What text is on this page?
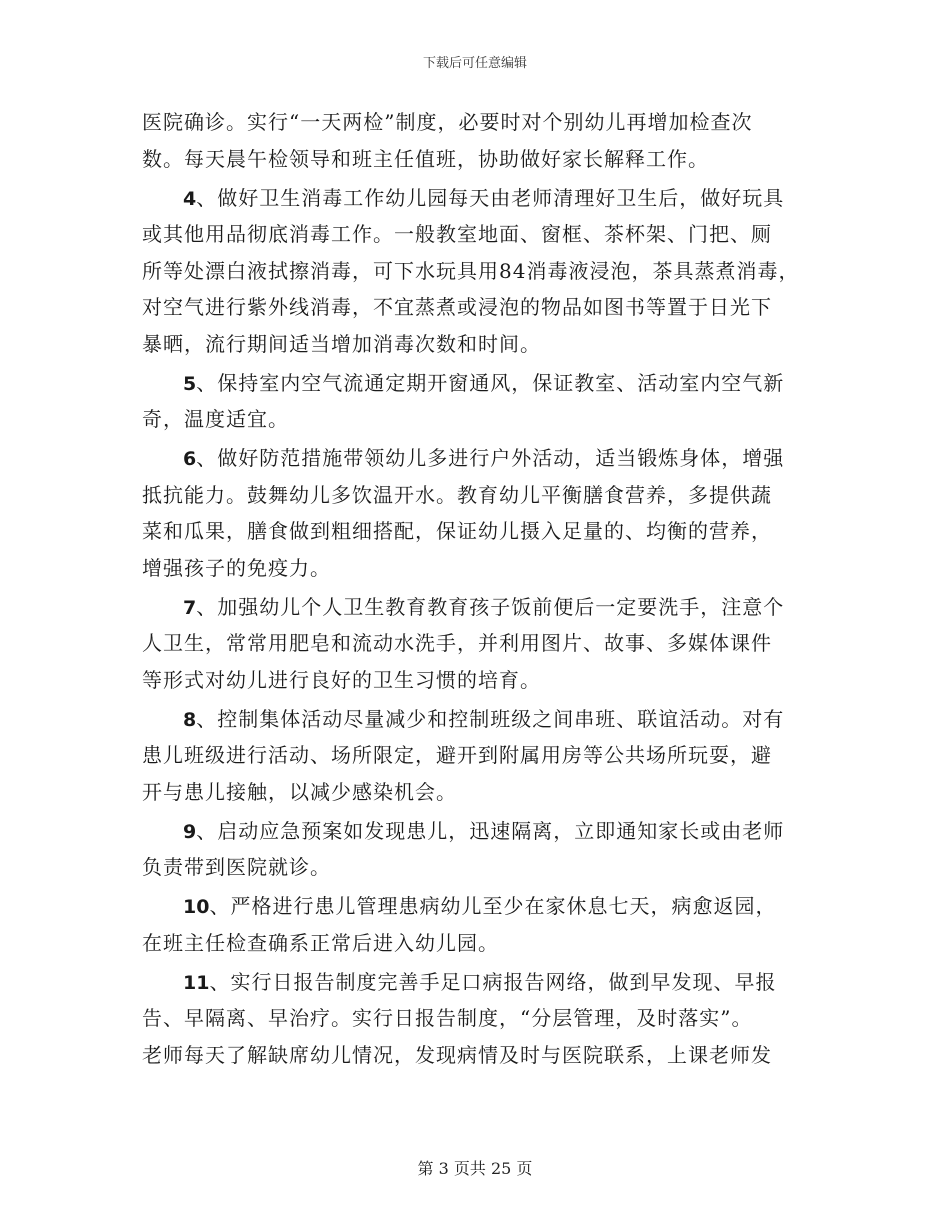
下载后可任意编辑
医院确诊。实行“一天两检”制度，必要时对个别幼儿再增加检查次
数。每天晨午检领导和班主任值班，协助做好家长解释工作。
4、做好卫生消毒工作幼儿园每天由老师清理好卫生后，做好玩具
或其他用品彻底消毒工作。一般教室地面、窗框、茶杯架、门把、厕
所等处漂白液拭擦消毒，可下水玩具用84消毒液浸泡，茶具蒸煮消毒，
对空气进行紫外线消毒，不宜蒸煮或浸泡的物品如图书等置于日光下
暴晒，流行期间适当增加消毒次数和时间。
5、保持室内空气流通定期开窗通风，保证教室、活动室内空气新
奇，温度适宜。
6、做好防范措施带领幼儿多进行户外活动，适当锻炼身体，增强
抵抗能力。鼓舞幼儿多饮温开水。教育幼儿平衡膳食营养，多提供蔬
菜和瓜果，膳食做到粗细搭配，保证幼儿摄入足量的、均衡的营养，
增强孩子的免疫力。
7、加强幼儿个人卫生教育教育孩子饭前便后一定要洗手，注意个
人卫生，常常用肥皂和流动水洗手，并利用图片、故事、多媒体课件
等形式对幼儿进行良好的卫生习惯的培育。
8、控制集体活动尽量减少和控制班级之间串班、联谊活动。对有
患儿班级进行活动、场所限定，避开到附属用房等公共场所玩耍，避
开与患儿接触，以减少感染机会。
9、启动应急预案如发现患儿，迅速隔离，立即通知家长或由老师
负责带到医院就诊。
10、严格进行患儿管理患病幼儿至少在家休息七天，病愈返园，
在班主任检查确系正常后进入幼儿园。
11、实行日报告制度完善手足口病报告网络，做到早发现、早报
告、早隔离、早治疗。实行日报告制度，“分层管理，及时落实”。
老师每天了解缺席幼儿情况，发现病情及时与医院联系，上课老师发
第 3 页共 25 页
